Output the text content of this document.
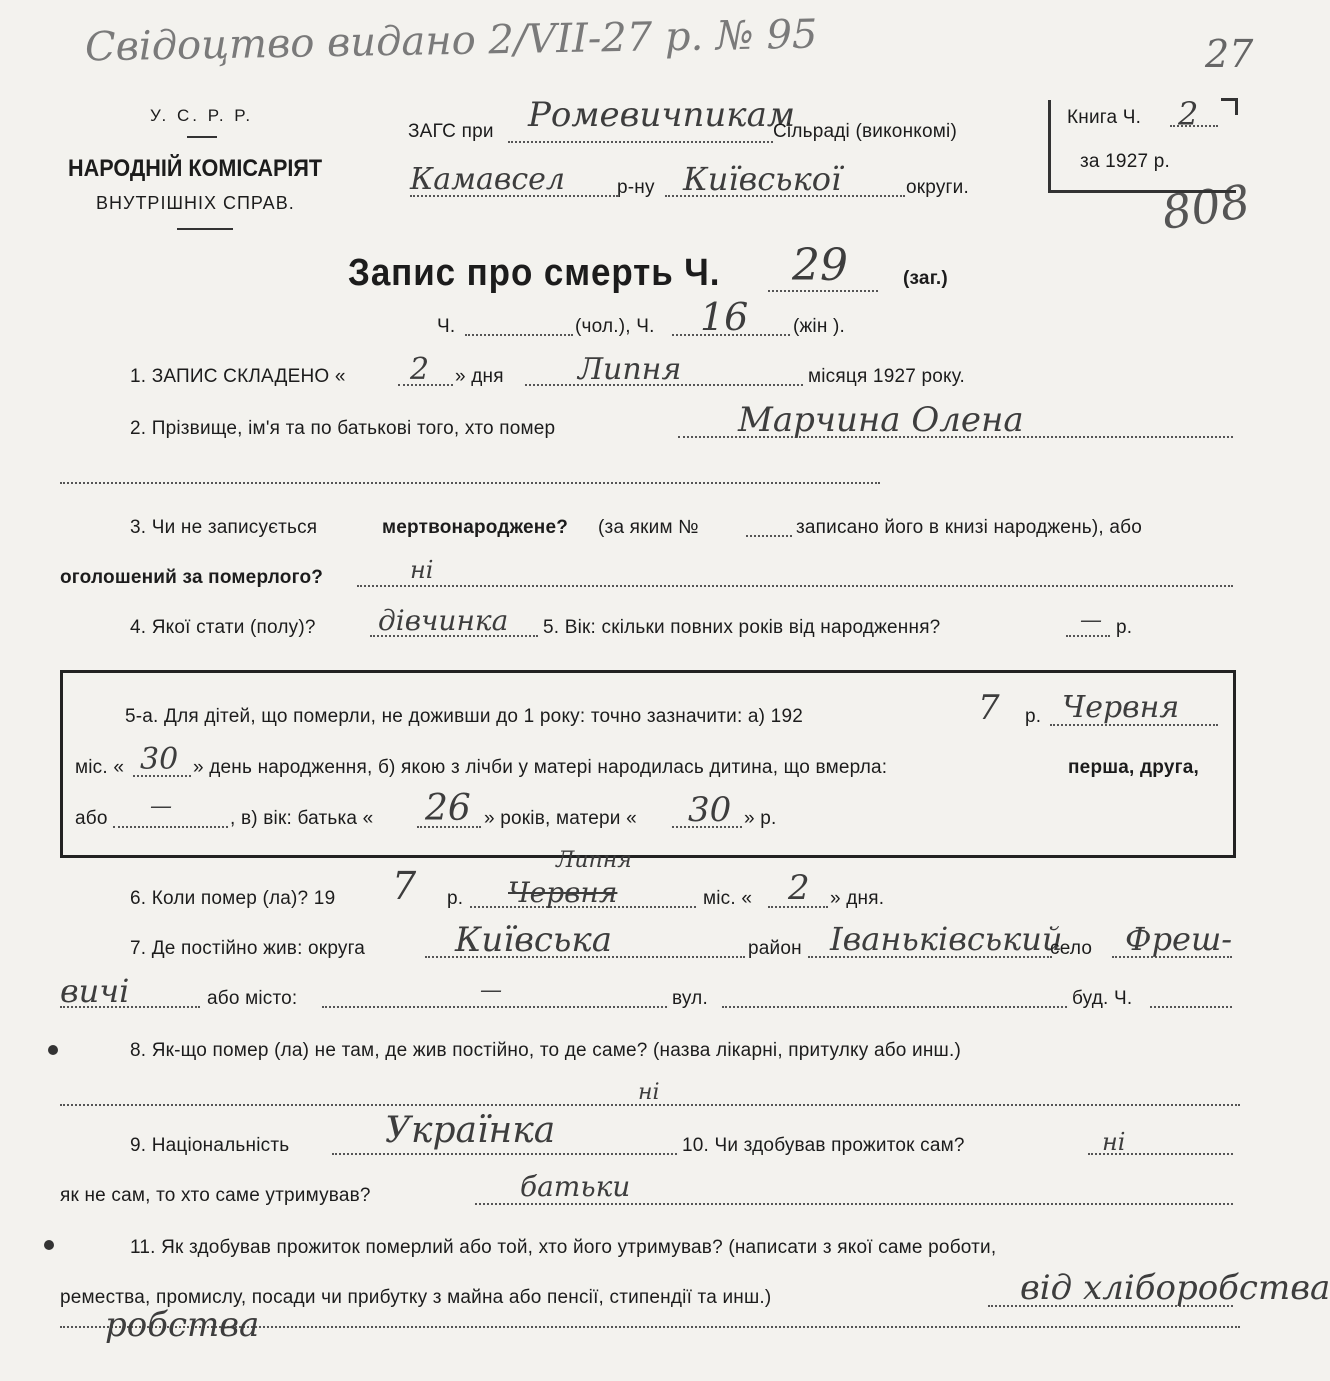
Свідоцтво видано 2/VII-27 р. № 95	27
808
У. С. Р. Р.
НАРОДНІЙ КОМІСАРІЯТ
ВНУТРІШНІХ СПРАВ.
ЗАГС при Ромевичпикам
Сільраді (виконкомі)
Камавсел	р-ну Київської	округи.
Книга Ч. 2
за 1927 р.
Запис про смерть Ч. 29	(заг.)
Ч.	(чол.), Ч. 16 (жін ).
1. ЗАПИС СКЛАДЕНО « 2 » дня Липня	місяця 1927 року.
2. Прізвище, ім'я та по батькові того, хто помер	Марчина Олена
3. Чи не записується	мертвонароджене? (за яким №	записано його в книзі народжень), або
оголошений за померлого?	ні
4. Якої стати (полу)? дівчинка 5. Вік: скільки повних років від народження?	— р.
5-а. Для дітей, що померли, не доживши до 1 року: точно зазначити: а) 192	7 р. Червня
міс. « 30 » день народження, б) якою з лічби у матері народилась дитина, що вмерла:	перша, друга,
або —	, в) вік: батька « 26 » років, матери « 30 » р.
6. Коли помер (ла)? 19 7 р. Червня
Липня
міс. « 2 » дня.
7. Де постійно жив: округа	Київська	район Іваньківський
село Фреш-
вичі	або місто:	—	вул.	буд. Ч.
8. Як-що помер (ла) не там, де жив постійно, то де саме? (назва лікарні, притулку або инш.)
ні
9. Національність	Українка	10. Чи здобував прожиток сам?	ні
як не сам, то хто саме утримував?	батьки
11. Як здобував прожиток померлий або той, хто його утримував? (написати з якої саме роботи,
ремества, промислу, посади чи прибутку з майна або пенсії, стипендії та инш.)	від хліборобства
робства
